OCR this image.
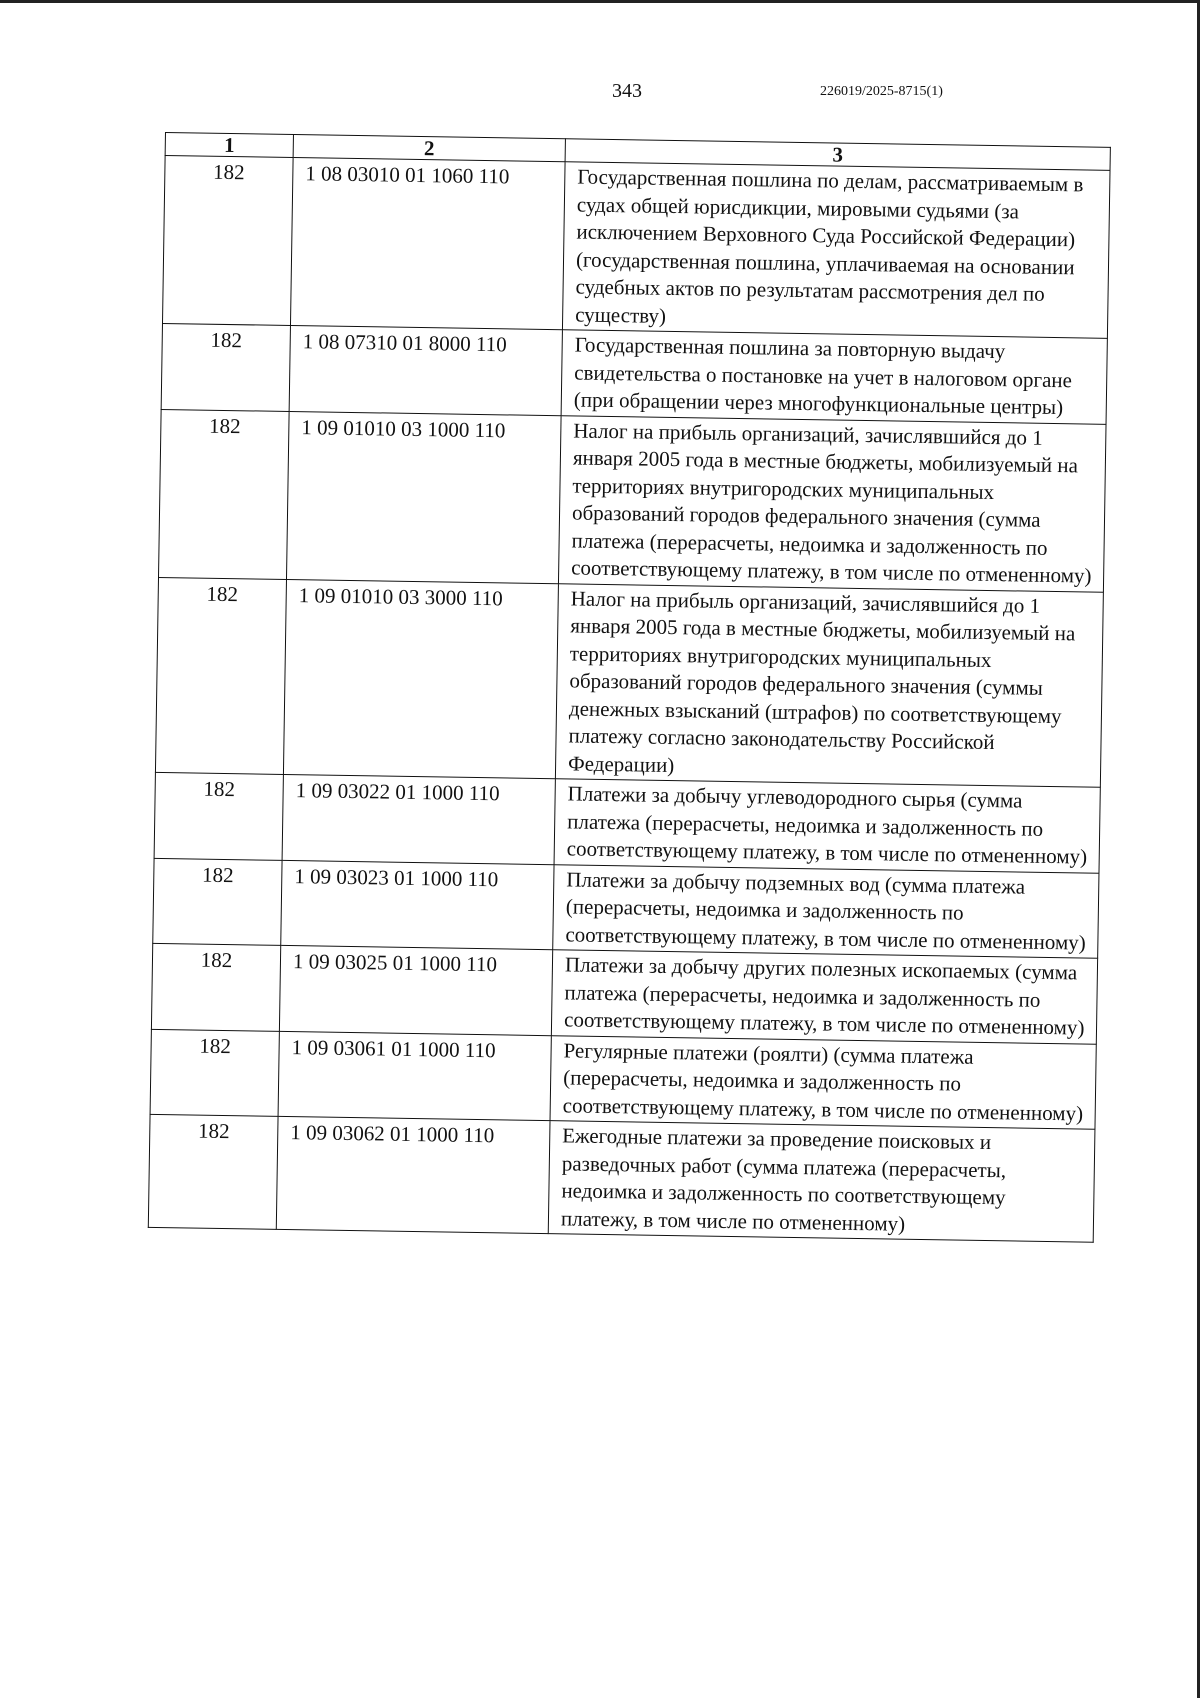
343	226019/2025-8715(1)
1	2	3
182	1 08 03010 01 1060 110	Государственная пошлина по делам, рассматриваемым в судах общей юрисдикции, мировыми судьями (за исключением Верховного Суда Российской Федерации) (государственная пошлина, уплачиваемая на основании судебных актов по результатам рассмотрения дел по существу)
182	1 08 07310 01 8000 110	Государственная пошлина за повторную выдачу свидетельства о постановке на учет в налоговом органе (при обращении через многофункциональные центры)
182	1 09 01010 03 1000 110	Налог на прибыль организаций, зачислявшийся до 1 января 2005 года в местные бюджеты, мобилизуемый на территориях внутригородских муниципальных образований городов федерального значения (сумма платежа (перерасчеты, недоимка и задолженность по соответствующему платежу, в том числе по отмененному)
182	1 09 01010 03 3000 110	Налог на прибыль организаций, зачислявшийся до 1 января 2005 года в местные бюджеты, мобилизуемый на территориях внутригородских муниципальных образований городов федерального значения (суммы денежных взысканий (штрафов) по соответствующему платежу согласно законодательству Российской Федерации)
182	1 09 03022 01 1000 110	Платежи за добычу углеводородного сырья (сумма платежа (перерасчеты, недоимка и задолженность по соответствующему платежу, в том числе по отмененному)
182	1 09 03023 01 1000 110	Платежи за добычу подземных вод (сумма платежа (перерасчеты, недоимка и задолженность по соответствующему платежу, в том числе по отмененному)
182	1 09 03025 01 1000 110	Платежи за добычу других полезных ископаемых (сумма платежа (перерасчеты, недоимка и задолженность по соответствующему платежу, в том числе по отмененному)
182	1 09 03061 01 1000 110	Регулярные платежи (роялти) (сумма платежа (перерасчеты, недоимка и задолженность по соответствующему платежу, в том числе по отмененному)
182	1 09 03062 01 1000 110	Ежегодные платежи за проведение поисковых и разведочных работ (сумма платежа (перерасчеты, недоимка и задолженность по соответствующему платежу, в том числе по отмененному)
